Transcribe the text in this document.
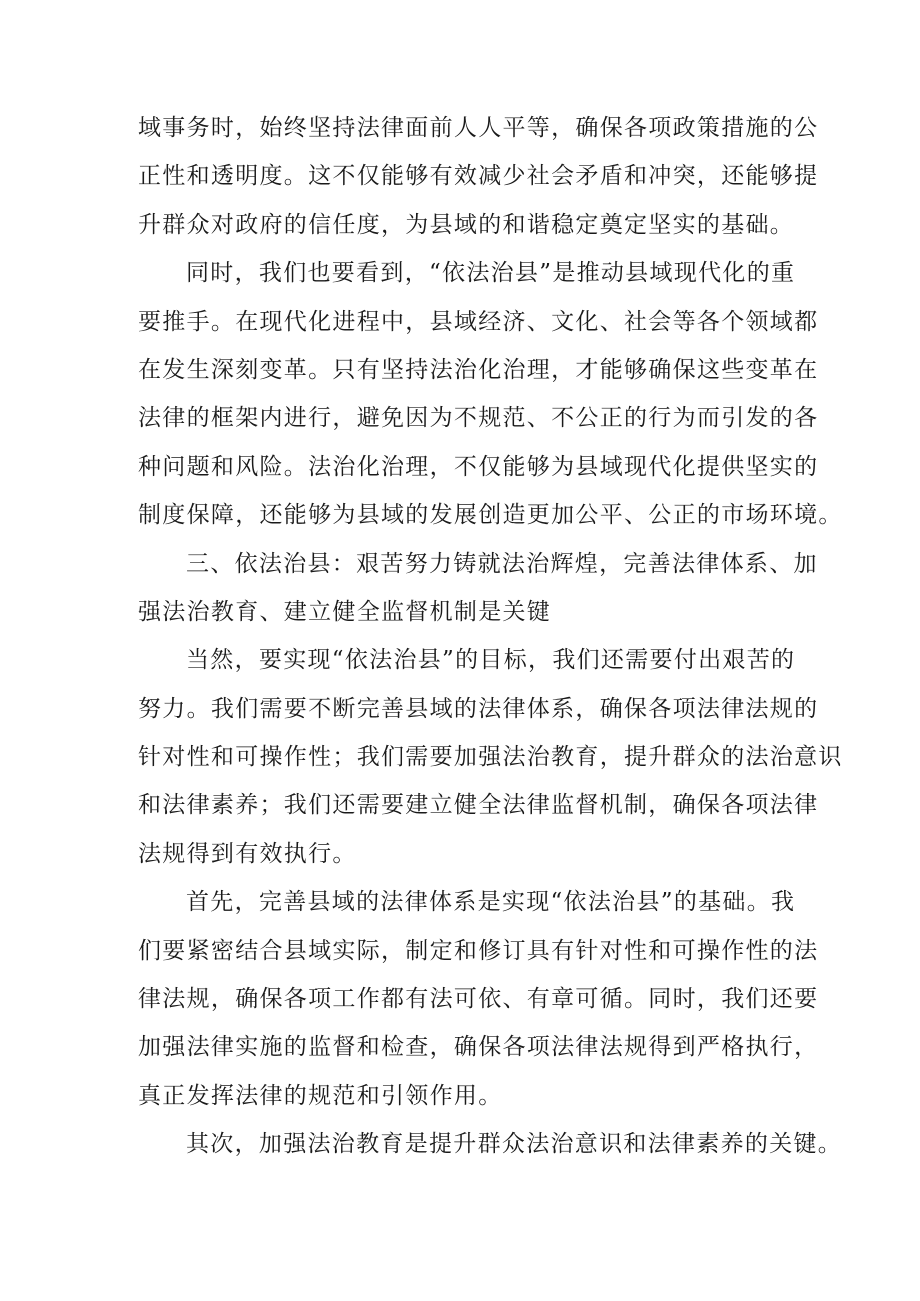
域事务时，始终坚持法律面前人人平等，确保各项政策措施的公
正性和透明度。这不仅能够有效减少社会矛盾和冲突，还能够提
升群众对政府的信任度，为县域的和谐稳定奠定坚实的基础。
同时，我们也要看到，“依法治县”是推动县域现代化的重
要推手。在现代化进程中，县域经济、文化、社会等各个领域都
在发生深刻变革。只有坚持法治化治理，才能够确保这些变革在
法律的框架内进行，避免因为不规范、不公正的行为而引发的各
种问题和风险。法治化治理，不仅能够为县域现代化提供坚实的
制度保障，还能够为县域的发展创造更加公平、公正的市场环境。
三、依法治县：艰苦努力铸就法治辉煌，完善法律体系、加
强法治教育、建立健全监督机制是关键
当然，要实现“依法治县”的目标，我们还需要付出艰苦的
努力。我们需要不断完善县域的法律体系，确保各项法律法规的
针对性和可操作性；我们需要加强法治教育，提升群众的法治意识
和法律素养；我们还需要建立健全法律监督机制，确保各项法律
法规得到有效执行。
首先，完善县域的法律体系是实现“依法治县”的基础。我
们要紧密结合县域实际，制定和修订具有针对性和可操作性的法
律法规，确保各项工作都有法可依、有章可循。同时，我们还要
加强法律实施的监督和检查，确保各项法律法规得到严格执行，
真正发挥法律的规范和引领作用。
其次，加强法治教育是提升群众法治意识和法律素养的关键。
